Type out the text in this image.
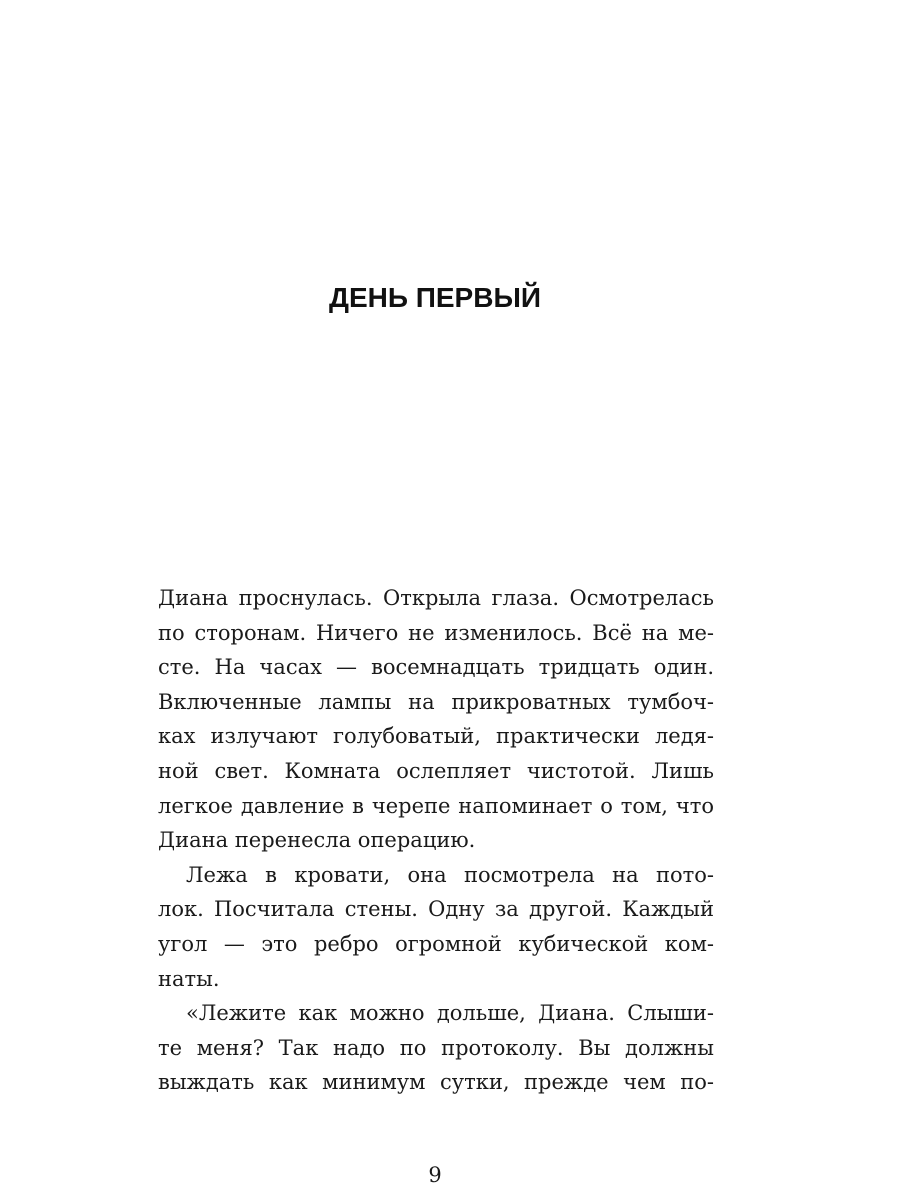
ДЕНЬ ПЕРВЫЙ
Диана проснулась. Открыла глаза. Осмотрелась
по сторонам. Ничего не изменилось. Всё на ме-
сте. На часах — восемнадцать тридцать один.
Включенные лампы на прикроватных тумбоч-
ках излучают голубоватый, практически ледя-
ной свет. Комната ослепляет чистотой. Лишь
легкое давление в черепе напоминает о том, что
Диана перенесла операцию.
Лежа в кровати, она посмотрела на пото-
лок. Посчитала стены. Одну за другой. Каждый
угол — это ребро огромной кубической ком-
наты.
«Лежите как можно дольше, Диана. Слыши-
те меня? Так надо по протоколу. Вы должны
выждать как минимум сутки, прежде чем по-
9
